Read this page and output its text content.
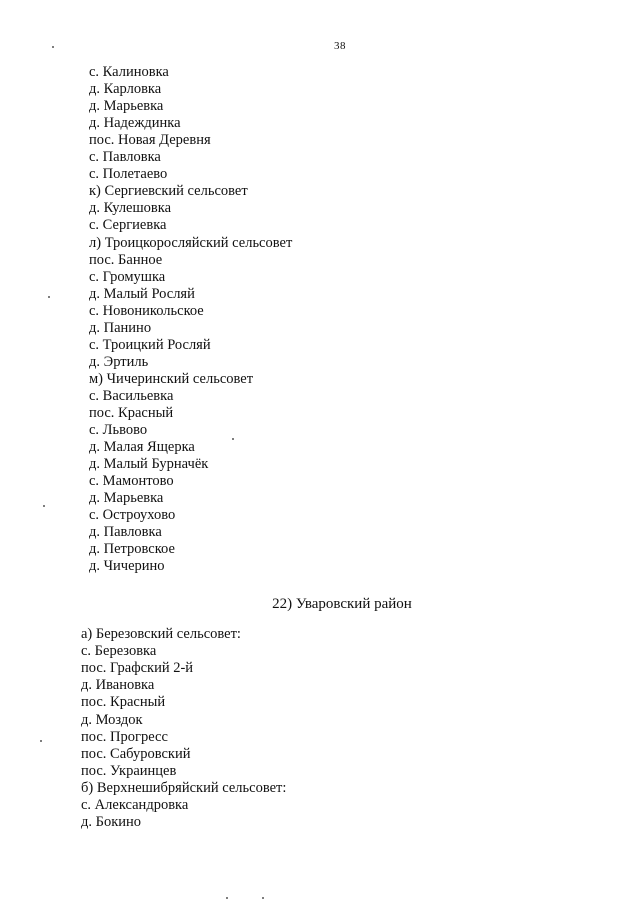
38
с. Калиновка
д. Карловка
д. Марьевка
д. Надеждинка
пос. Новая Деревня
с. Павловка
с. Полетаево
к) Сергиевский сельсовет
д. Кулешовка
с. Сергиевка
л) Троицкоросляйский сельсовет
пос. Банное
с. Громушка
д. Малый Росляй
с. Новоникольское
д. Панино
с. Троицкий Росляй
д. Эртиль
м) Чичеринский сельсовет
с. Васильевка
пос. Красный
с. Львово
д. Малая Ящерка
д. Малый Бурначёк
с. Мамонтово
д. Марьевка
с. Остроухово
д. Павловка
д. Петровское
д. Чичерино
22) Уваровский район
а) Березовский сельсовет:
с. Березовка
пос. Графский 2-й
д. Ивановка
пос. Красный
д. Моздок
пос. Прогресс
пос. Сабуровский
пос. Украинцев
б) Верхнешибряйский сельсовет:
с. Александровка
д. Бокино
